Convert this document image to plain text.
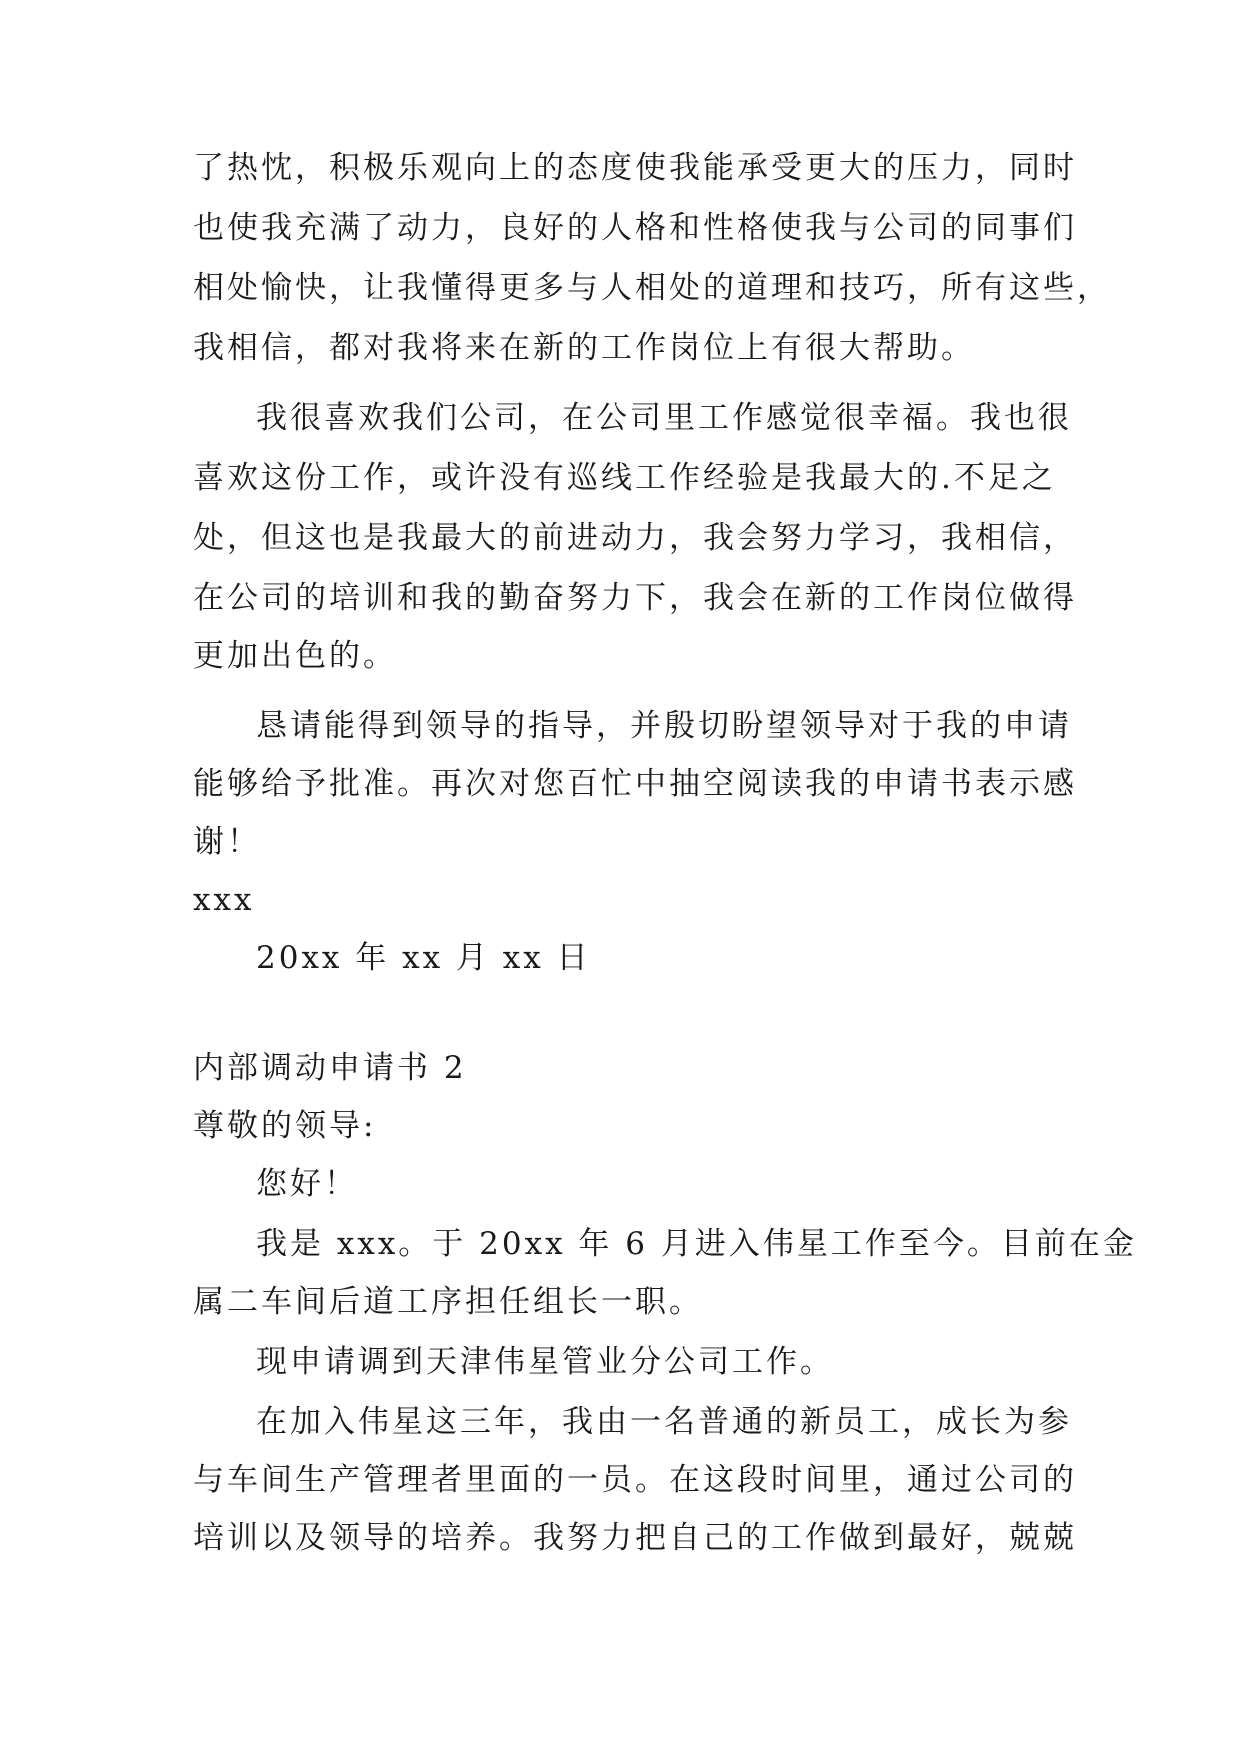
了热忱，积极乐观向上的态度使我能承受更大的压力，同时
也使我充满了动力，良好的人格和性格使我与公司的同事们
相处愉快，让我懂得更多与人相处的道理和技巧，所有这些，
我相信，都对我将来在新的工作岗位上有很大帮助。
我很喜欢我们公司，在公司里工作感觉很幸福。我也很
喜欢这份工作，或许没有巡线工作经验是我最大的.不足之
处，但这也是我最大的前进动力，我会努力学习，我相信，
在公司的培训和我的勤奋努力下，我会在新的工作岗位做得
更加出色的。
恳请能得到领导的指导，并殷切盼望领导对于我的申请
能够给予批准。再次对您百忙中抽空阅读我的申请书表示感
谢！
xxx
20xx 年 xx 月 xx 日
内部调动申请书 2
尊敬的领导:
您好！
我是 xxx。于 20xx 年 6 月进入伟星工作至今。目前在金
属二车间后道工序担任组长一职。
现申请调到天津伟星管业分公司工作。
在加入伟星这三年，我由一名普通的新员工，成长为参
与车间生产管理者里面的一员。在这段时间里，通过公司的
培训以及领导的培养。我努力把自己的工作做到最好，兢兢
